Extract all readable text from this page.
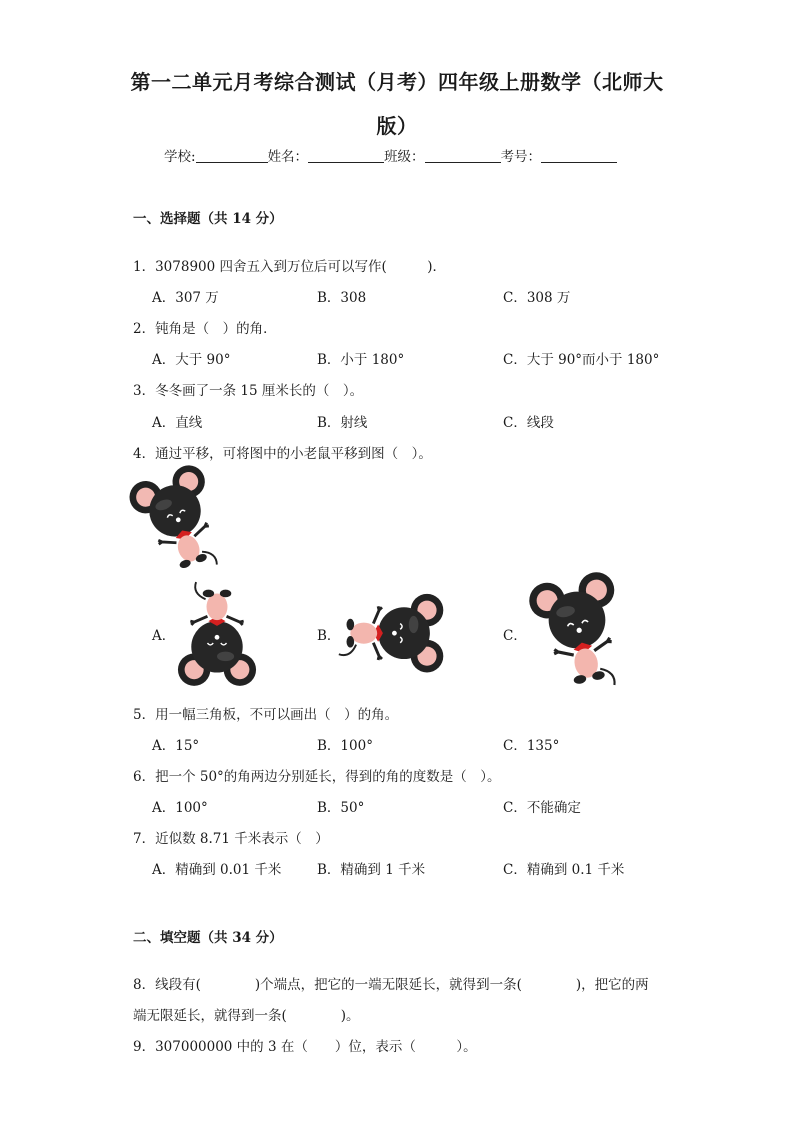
第一二单元月考综合测试（月考）四年级上册数学（北师大
版）
学校:	姓名：	班级：	考号：
一、选择题（共 14 分）
1．3078900 四舍五入到万位后可以写作(　　　)．
A．307 万	B．308	C．308 万
2．钝角是（　）的角．
A．大于 90°	B．小于 180°	C．大于 90°而小于 180°
3．冬冬画了一条 15 厘米长的（　）。
A．直线	B．射线	C．线段
4．通过平移，可将图中的小老鼠平移到图（　）。
A．	B．	C．
5．用一幅三角板，不可以画出（　）的角。
A．15°	B．100°	C．135°
6．把一个 50°的角两边分别延长，得到的角的度数是（　）。
A．100°	B．50°	C．不能确定
7．近似数 8.71 千米表示（　）
A．精确到 0.01 千米	B．精确到 1 千米	C．精确到 0.1 千米
二、填空题（共 34 分）
8．线段有(　　　　)个端点，把它的一端无限延长，就得到一条(　　　　)，把它的两
端无限延长，就得到一条(　　　　)。
9．307000000 中的 3 在（　　）位，表示（　　　）。
